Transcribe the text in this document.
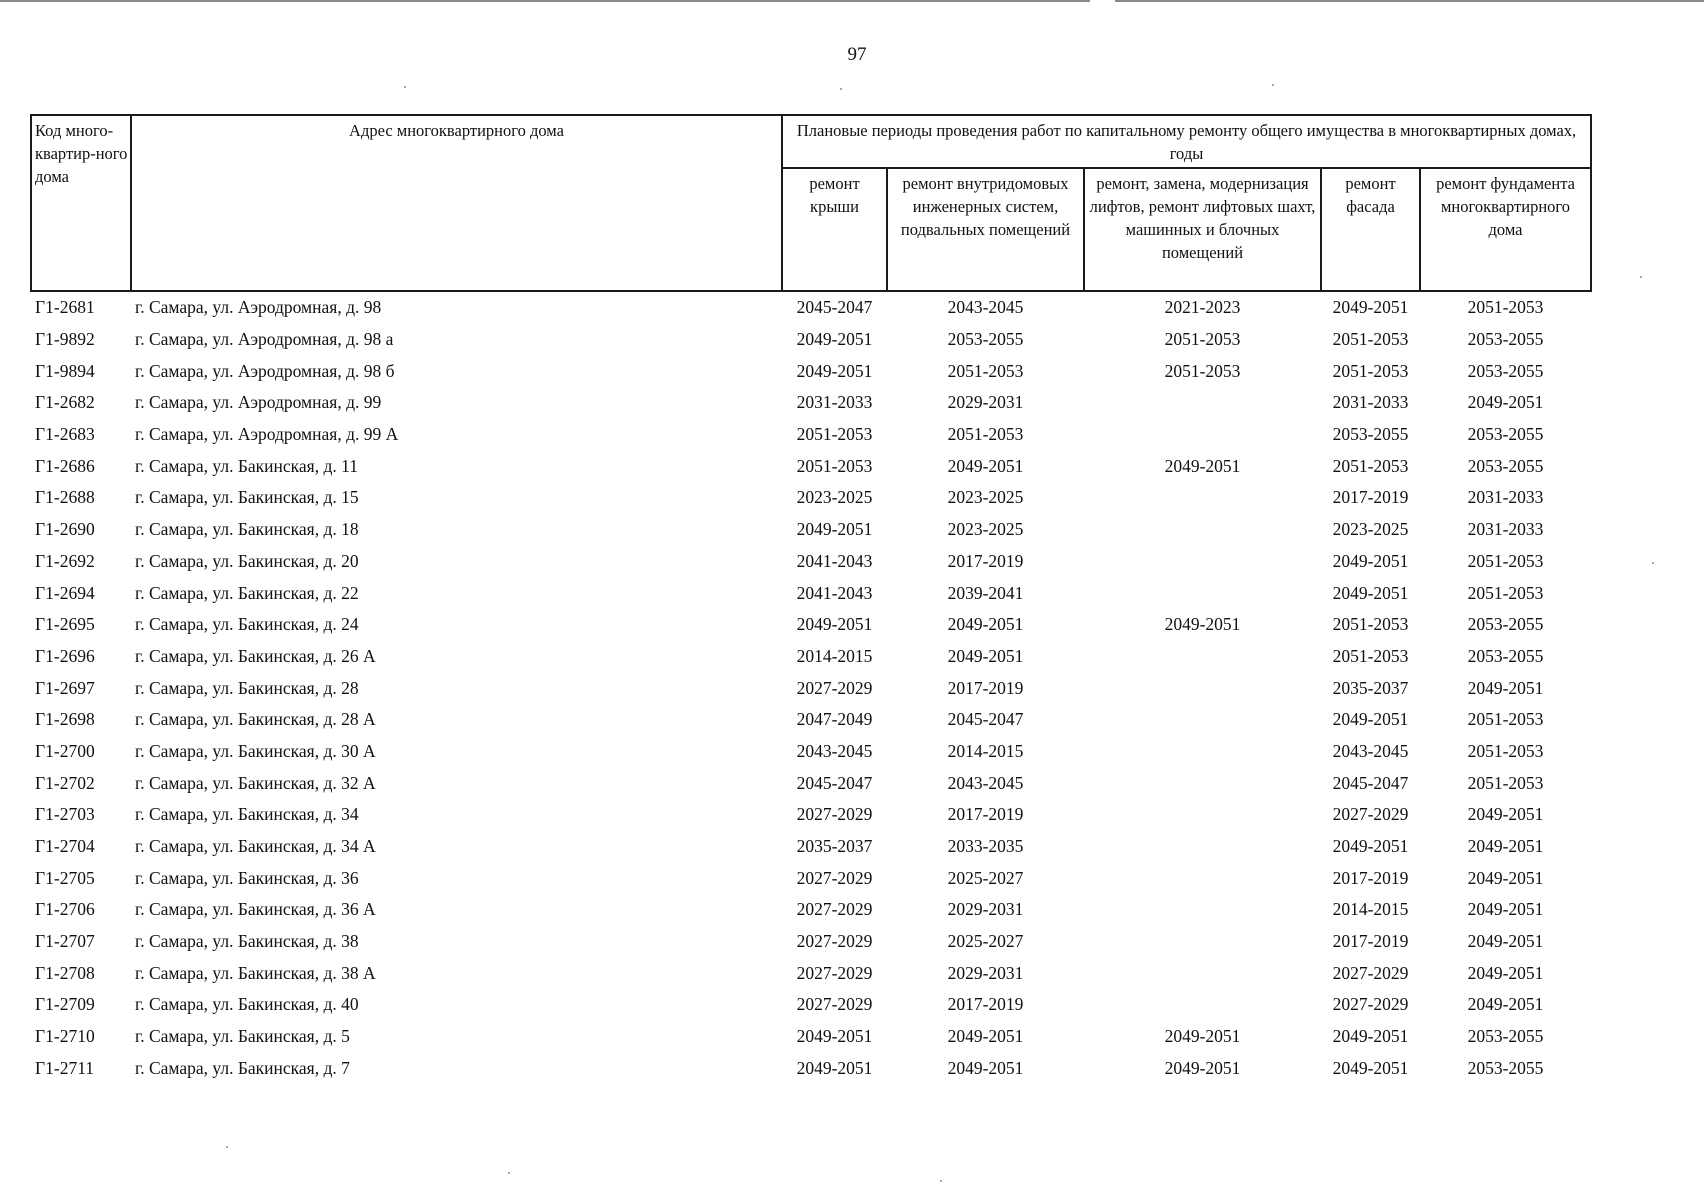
97
Код много-квартир-ного дома	Адрес многоквартирного дома	Плановые периоды проведения работ по капитальному ремонту общего имущества в многоквартирных домах, годы				
		ремонт крыши	ремонт внутридомовых инженерных систем, подвальных помещений	ремонт, замена, модернизация лифтов, ремонт лифтовых шахт, машинных и блочных помещений	ремонт фасада	ремонт фундамента многоквартирного дома
Г1-2681	г. Самара, ул. Аэродромная, д. 98	2045-2047	2043-2045	2021-2023	2049-2051	2051-2053
Г1-9892	г. Самара, ул. Аэродромная, д. 98 а	2049-2051	2053-2055	2051-2053	2051-2053	2053-2055
Г1-9894	г. Самара, ул. Аэродромная, д. 98 б	2049-2051	2051-2053	2051-2053	2051-2053	2053-2055
Г1-2682	г. Самара, ул. Аэродромная, д. 99	2031-2033	2029-2031		2031-2033	2049-2051
Г1-2683	г. Самара, ул. Аэродромная, д. 99 А	2051-2053	2051-2053		2053-2055	2053-2055
Г1-2686	г. Самара, ул. Бакинская, д. 11	2051-2053	2049-2051	2049-2051	2051-2053	2053-2055
Г1-2688	г. Самара, ул. Бакинская, д. 15	2023-2025	2023-2025		2017-2019	2031-2033
Г1-2690	г. Самара, ул. Бакинская, д. 18	2049-2051	2023-2025		2023-2025	2031-2033
Г1-2692	г. Самара, ул. Бакинская, д. 20	2041-2043	2017-2019		2049-2051	2051-2053
Г1-2694	г. Самара, ул. Бакинская, д. 22	2041-2043	2039-2041		2049-2051	2051-2053
Г1-2695	г. Самара, ул. Бакинская, д. 24	2049-2051	2049-2051	2049-2051	2051-2053	2053-2055
Г1-2696	г. Самара, ул. Бакинская, д. 26 А	2014-2015	2049-2051		2051-2053	2053-2055
Г1-2697	г. Самара, ул. Бакинская, д. 28	2027-2029	2017-2019		2035-2037	2049-2051
Г1-2698	г. Самара, ул. Бакинская, д. 28 А	2047-2049	2045-2047		2049-2051	2051-2053
Г1-2700	г. Самара, ул. Бакинская, д. 30 А	2043-2045	2014-2015		2043-2045	2051-2053
Г1-2702	г. Самара, ул. Бакинская, д. 32 А	2045-2047	2043-2045		2045-2047	2051-2053
Г1-2703	г. Самара, ул. Бакинская, д. 34	2027-2029	2017-2019		2027-2029	2049-2051
Г1-2704	г. Самара, ул. Бакинская, д. 34 А	2035-2037	2033-2035		2049-2051	2049-2051
Г1-2705	г. Самара, ул. Бакинская, д. 36	2027-2029	2025-2027		2017-2019	2049-2051
Г1-2706	г. Самара, ул. Бакинская, д. 36 А	2027-2029	2029-2031		2014-2015	2049-2051
Г1-2707	г. Самара, ул. Бакинская, д. 38	2027-2029	2025-2027		2017-2019	2049-2051
Г1-2708	г. Самара, ул. Бакинская, д. 38 А	2027-2029	2029-2031		2027-2029	2049-2051
Г1-2709	г. Самара, ул. Бакинская, д. 40	2027-2029	2017-2019		2027-2029	2049-2051
Г1-2710	г. Самара, ул. Бакинская, д. 5	2049-2051	2049-2051	2049-2051	2049-2051	2053-2055
Г1-2711	г. Самара, ул. Бакинская, д. 7	2049-2051	2049-2051	2049-2051	2049-2051	2053-2055
